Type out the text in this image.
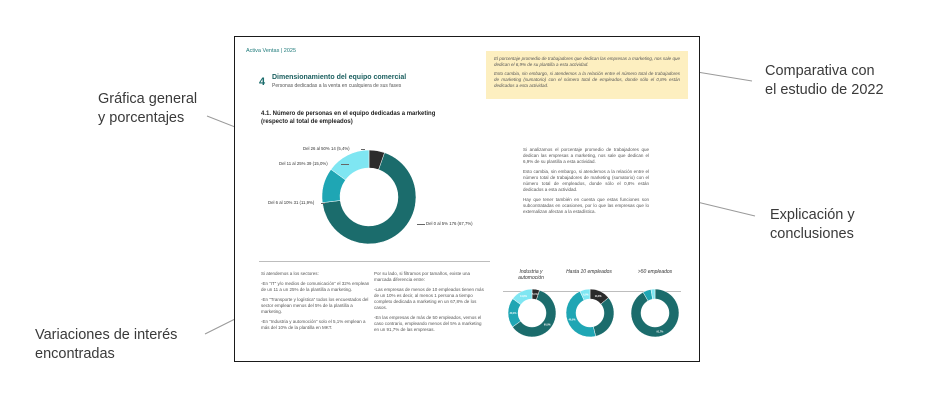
Gráfica general
y porcentajes
Comparativa con
el estudio de 2022
Explicación y
conclusiones
Variaciones de interés
encontradas
Activa Ventas | 2025
4 Dimensionamiento del equipo comercial
Personas dedicadas a la venta en cualquiera de sus fases

El porcentaje promedio de trabajadores que dedican las empresas a marketing, nos sale que dedican el 6,9% de su plantilla a esta actividad.

Esto cambia, sin embargo, si atendemos a la relación entre el número total de trabajadores de marketing (sumatorio) con el número total de empleados, donde sólo el 0,8% están dedicados a esta actividad.

4.1. Número de personas en el equipo dedicadas a marketing
(respecto al total de empleados)
Del 26 al 50% 14 (5,4%)
Del 11 al 25% 39 (15,0%)
Del 6 al 10% 31 (11,9%)
Del 0 al 5% 176 (67,7%)

Si analizamos el porcentaje promedio de trabajadores que dedican las empresas a marketing, nos sale que dedican el 6,9% de su plantilla a esta actividad.

Esto cambia, sin embargo, si atendemos a la relación entre el número total de trabajadores de marketing (sumatorio) con el número total de empleados, donde sólo el 0,8% están dedicados a esta actividad.

Hay que tener también en cuenta que estas funciones son subcontratadas en ocasiones, por lo que las empresas que lo externalizan afectan a la estadística.

Si atendemos a los sectores:

-En “IT” y/o medios de comunicación” el 32% emplean de un 11 a un 25% de la plantilla a marketing.

-En “Transporte y logística” todos los encuestados del sector emplean menos del 5% de la plantilla a marketing.

-En “Industria y automoción” solo el 5,1% emplean a más del 10% de la plantilla en MKT.

Por su lado, si filtramos por tamaños, existe una marcada diferencia entre:

-Las empresas de menos de 10 empleados tienen más de un 10% es decir, al menos 1 persona a tiempo completo dedicada a marketing en un 67,8% de los casos.

-En las empresas de más de 50 empleados, vemos el caso contrario, empleando menos del 5% a marketing en un 91,7% de las empresas.

Industria y
automoción
Hasta 10 empleados	>50 empleados
5,1%
60,0%
20,1%
14,8%	14,0%
46,9%
6,9%
91,7%
